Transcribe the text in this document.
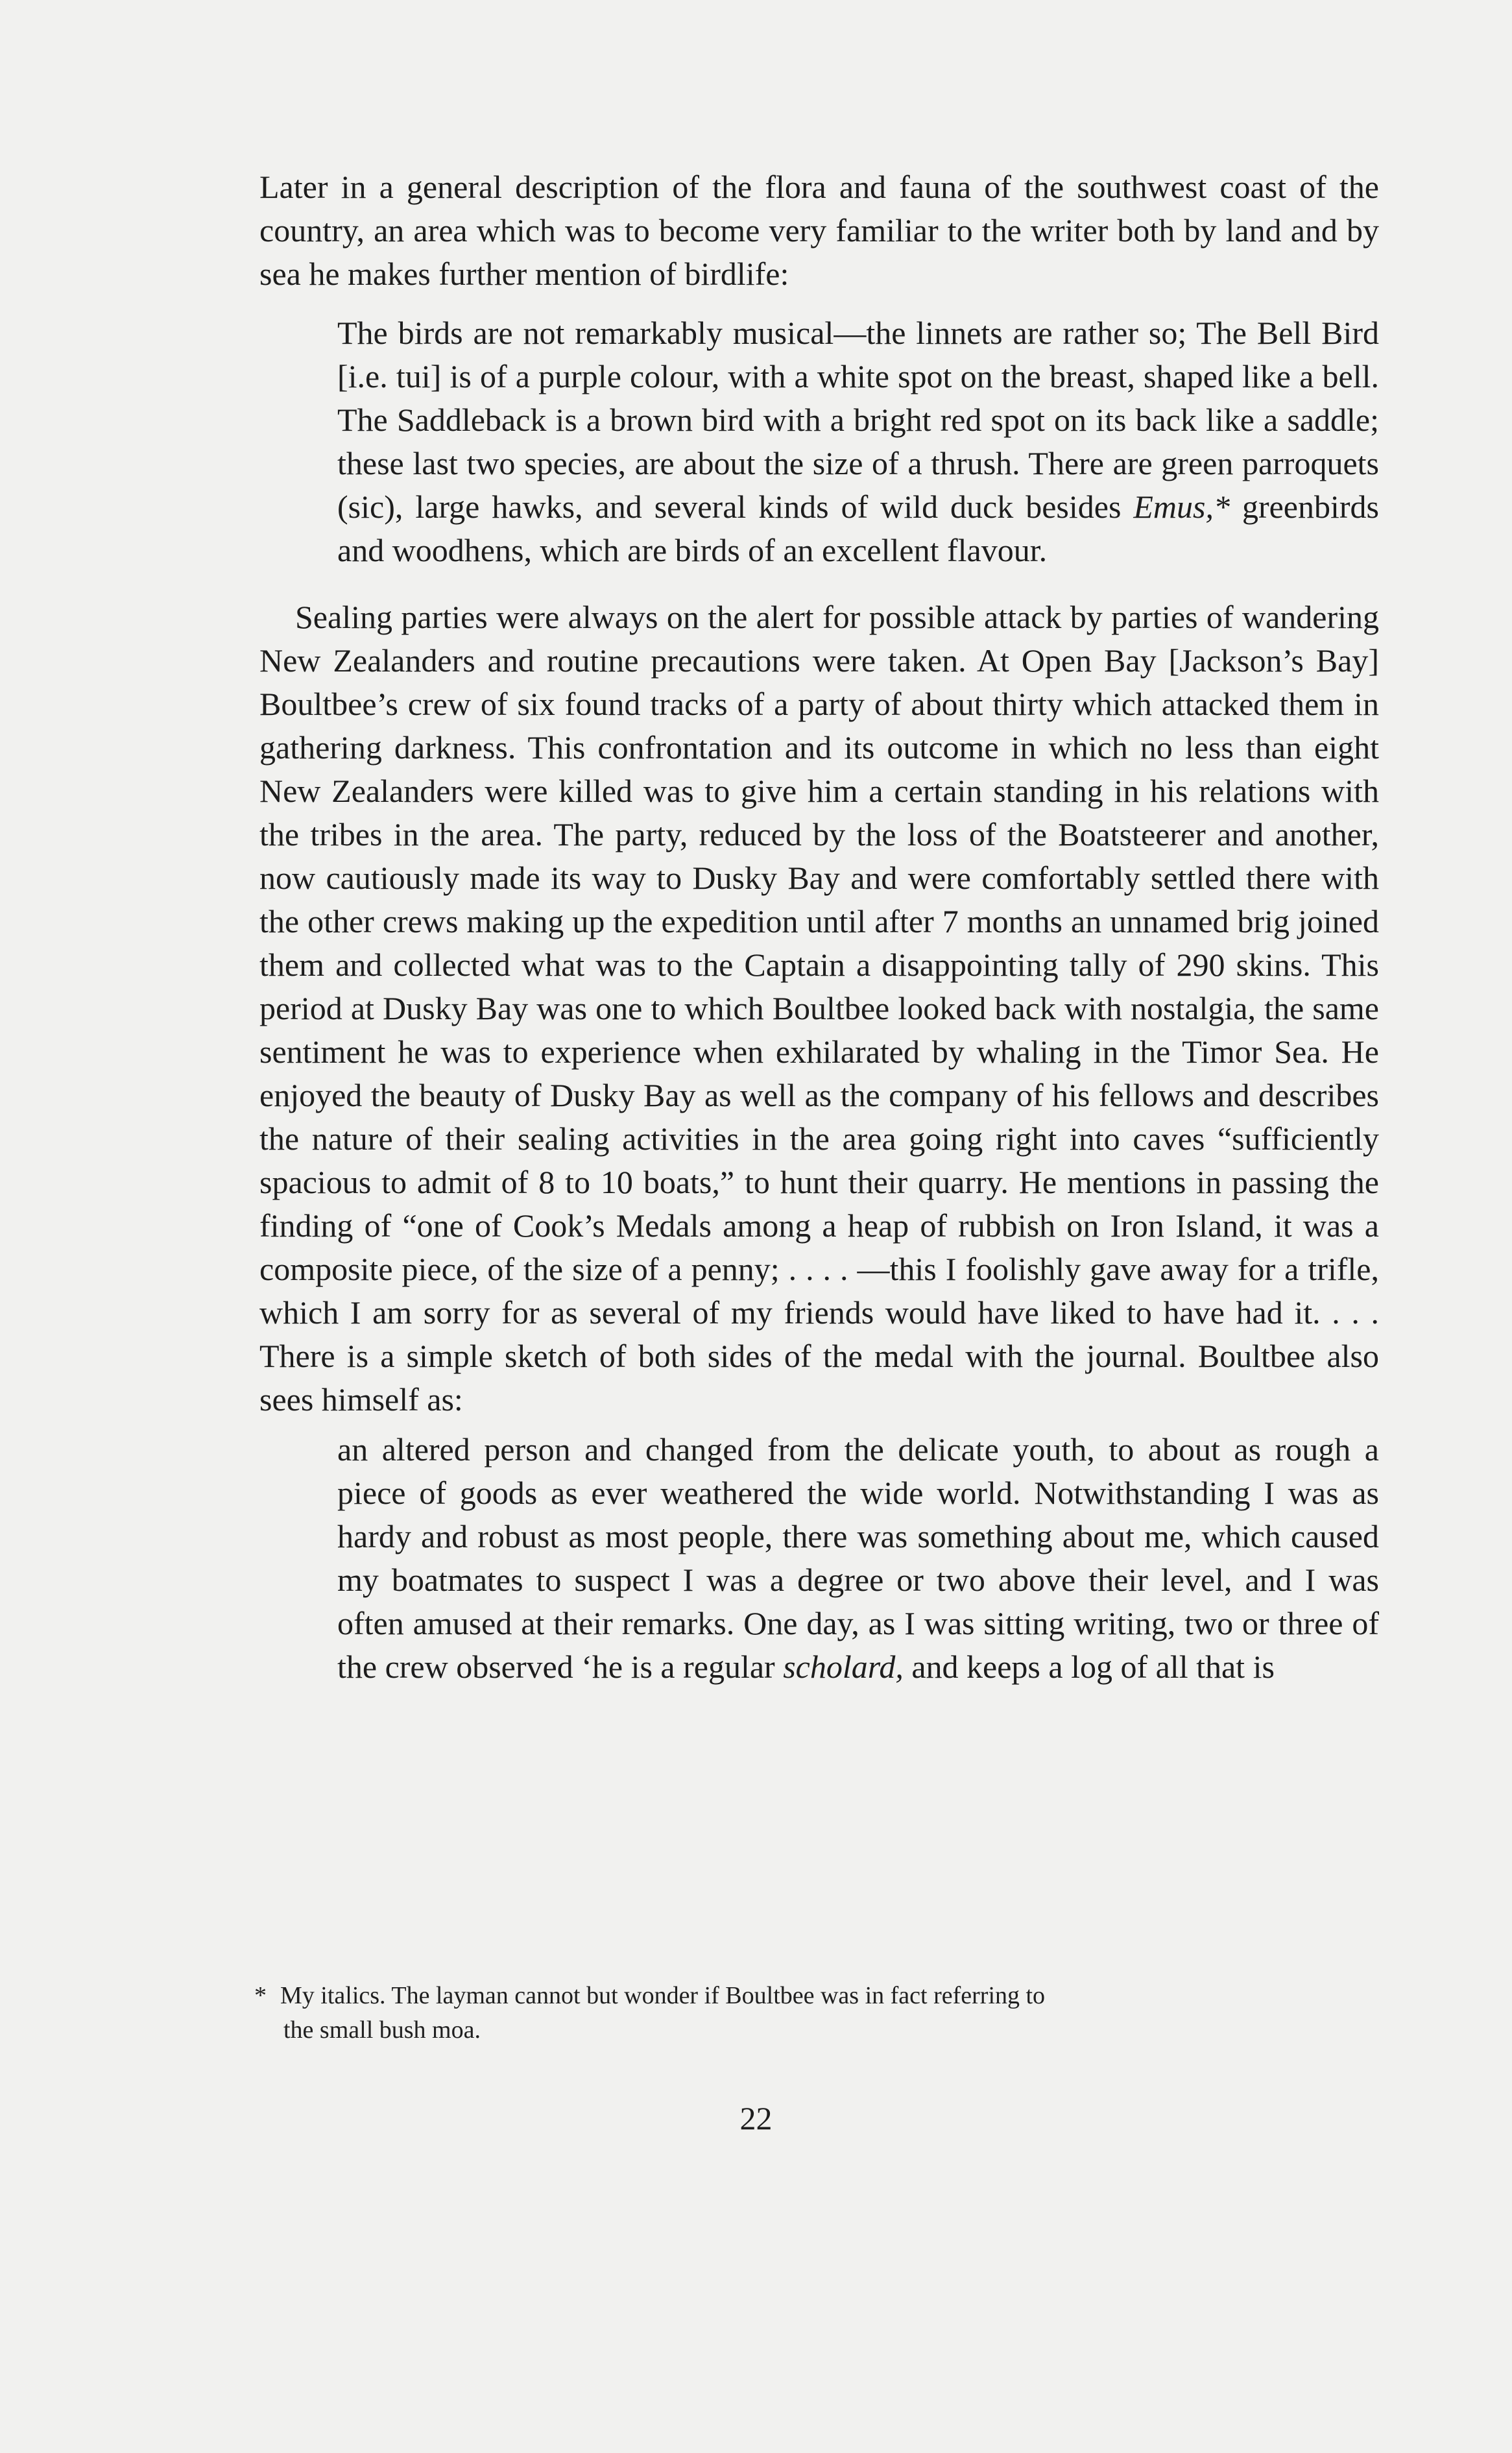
Later in a general description of the flora and fauna of the southwest coast of the country, an area which was to become very familiar to the writer both by land and by sea he makes further mention of birdlife:

The birds are not remarkably musical—the linnets are rather so; The Bell Bird [i.e. tui] is of a purple colour, with a white spot on the breast, shaped like a bell. The Saddleback is a brown bird with a bright red spot on its back like a saddle; these last two species, are about the size of a thrush. There are green parroquets (sic), large hawks, and several kinds of wild duck besides Emus,* greenbirds and woodhens, which are birds of an excellent flavour.

Sealing parties were always on the alert for possible attack by parties of wandering New Zealanders and routine precautions were taken. At Open Bay [Jackson’s Bay] Boultbee’s crew of six found tracks of a party of about thirty which attacked them in gathering darkness. This confrontation and its outcome in which no less than eight New Zealanders were killed was to give him a certain standing in his relations with the tribes in the area. The party, reduced by the loss of the Boatsteerer and another, now cautiously made its way to Dusky Bay and were comfortably settled there with the other crews making up the expedition until after 7 months an unnamed brig joined them and collected what was to the Captain a disappointing tally of 290 skins. This period at Dusky Bay was one to which Boultbee looked back with nostalgia, the same sentiment he was to experience when exhilarated by whaling in the Timor Sea. He enjoyed the beauty of Dusky Bay as well as the company of his fellows and describes the nature of their sealing activities in the area going right into caves “sufficiently spacious to admit of 8 to 10 boats,” to hunt their quarry. He mentions in passing the finding of “one of Cook’s Medals among a heap of rubbish on Iron Island, it was a composite piece, of the size of a penny; . . . . —this I foolishly gave away for a trifle, which I am sorry for as several of my friends would have liked to have had it. . . . There is a simple sketch of both sides of the medal with the journal. Boultbee also sees himself as:

an altered person and changed from the delicate youth, to about as rough a piece of goods as ever weathered the wide world. Notwithstanding I was as hardy and robust as most people, there was something about me, which caused my boatmates to suspect I was a degree or two above their level, and I was often amused at their remarks. One day, as I was sitting writing, two or three of the crew observed ‘he is a regular scholard, and keeps a log of all that is

* My italics. The layman cannot but wonder if Boultbee was in fact referring to
the small bush moa.
22
